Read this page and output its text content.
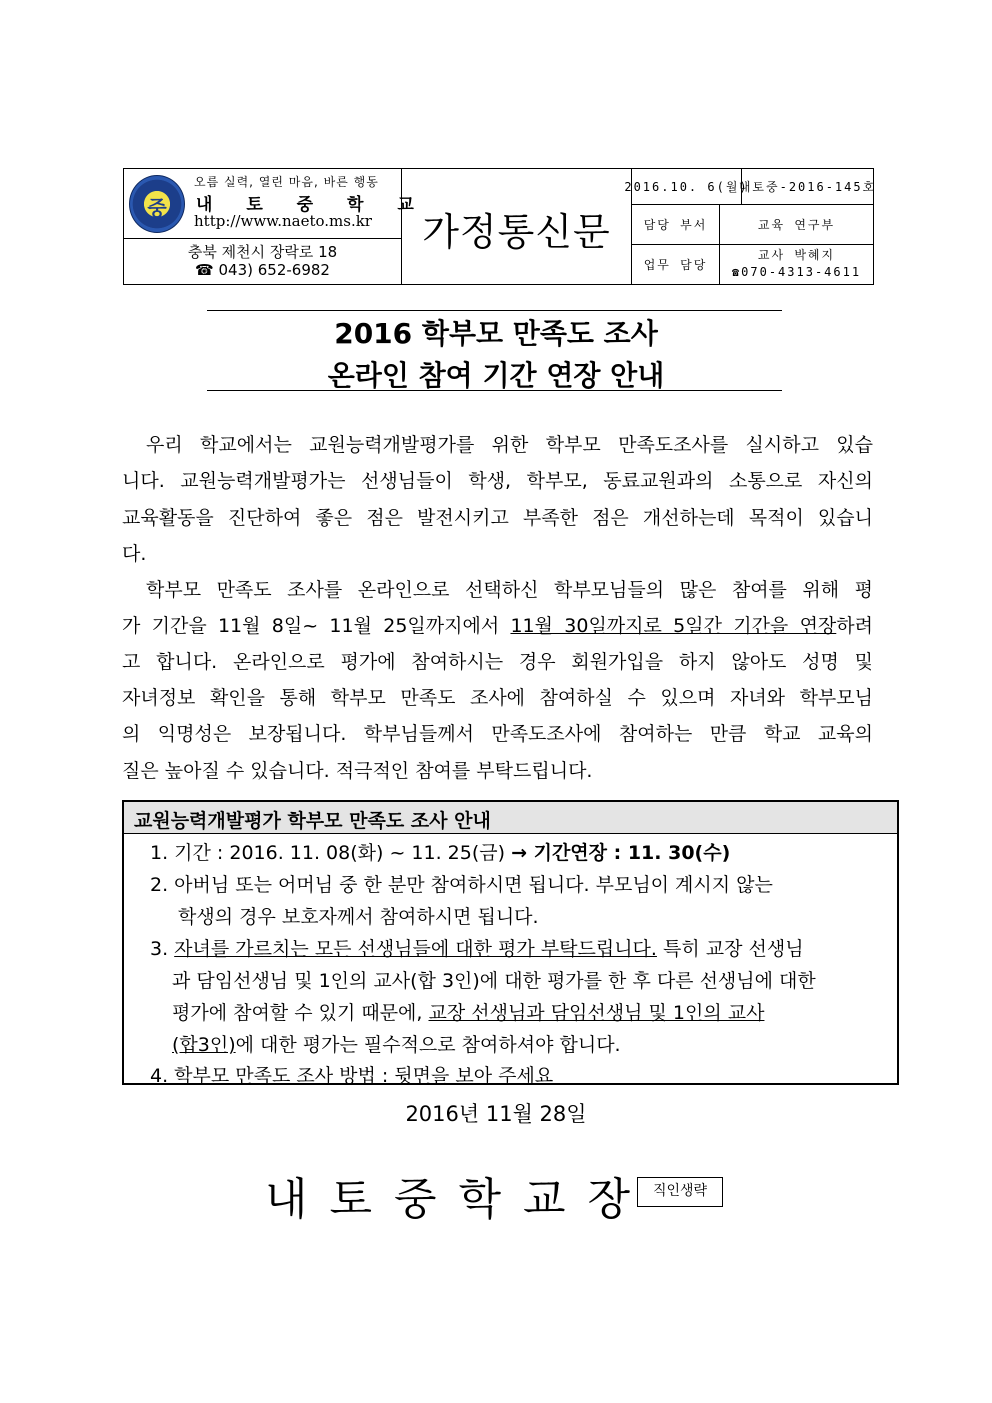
중
오름 실력, 열린 마음, 바른 행동
내 토 중 학 교
http://www.naeto.ms.kr
충북 제천시 장락로 18
☎ 043) 652-6982
가정통신문
2016.10. 6(월)
내토중-2016-145호
담당 부서	교육 연구부
업무 담당
교사 박혜지
☎070-4313-4611
2016 학부모 만족도 조사
온라인 참여 기간 연장 안내
우리 학교에서는 교원능력개발평가를 위한 학부모 만족도조사를 실시하고 있습
니다. 교원능력개발평가는 선생님들이 학생, 학부모, 동료교원과의 소통으로 자신의
교육활동을 진단하여 좋은 점은 발전시키고 부족한 점은 개선하는데 목적이 있습니
다.
학부모 만족도 조사를 온라인으로 선택하신 학부모님들의 많은 참여를 위해 평
가 기간을 11월 8일~ 11월 25일까지에서 11월 30일까지로 5일간 기간을 연장하려
고 합니다. 온라인으로 평가에 참여하시는 경우 회원가입을 하지 않아도 성명 및
자녀정보 확인을 통해 학부모 만족도 조사에 참여하실 수 있으며 자녀와 학부모님
의 익명성은 보장됩니다. 학부님들께서 만족도조사에 참여하는 만큼 학교 교육의
질은 높아질 수 있습니다. 적극적인 참여를 부탁드립니다.
교원능력개발평가 학부모 만족도 조사 안내
1. 기간 : 2016. 11. 08(화) ~ 11. 25(금) → 기간연장 : 11. 30(수)
2. 아버님 또는 어머님 중 한 분만 참여하시면 됩니다. 부모님이 계시지 않는
학생의 경우 보호자께서 참여하시면 됩니다.
3. 자녀를 가르치는 모든 선생님들에 대한 평가 부탁드립니다. 특히 교장 선생님
과 담임선생님 및 1인의 교사(합 3인)에 대한 평가를 한 후 다른 선생님에 대한
평가에 참여할 수 있기 때문에, 교장 선생님과 담임선생님 및 1인의 교사
(합3인)에 대한 평가는 필수적으로 참여하셔야 합니다.
4. 학부모 만족도 조사 방법 : 뒷면을 보아 주세요
2016년 11월 28일
내토중학교장 직인생략
